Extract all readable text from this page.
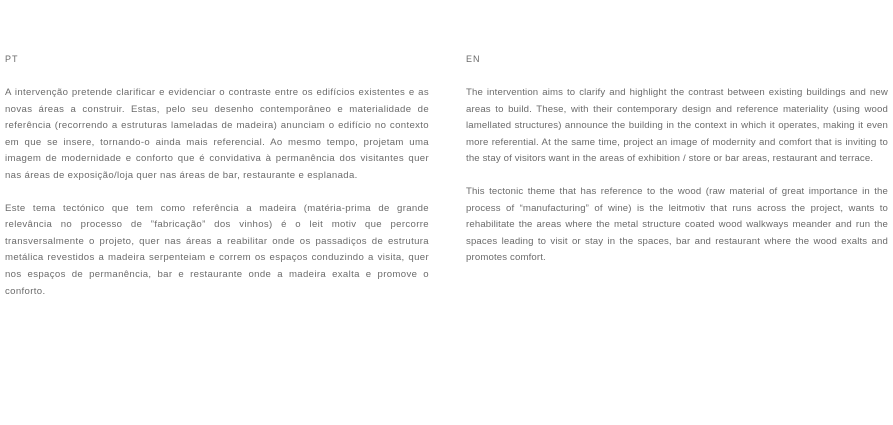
PT

A intervenção pretende clarificar e evidenciar o contraste entre os edifícios existentes e as novas áreas a construir. Estas, pelo seu desenho contemporâneo e materialidade de referência (recorrendo a estruturas lameladas de madeira) anunciam o edifício no contexto em que se insere, tornando-o ainda mais referencial. Ao mesmo tempo, projetam uma imagem de modernidade e conforto que é convidativa à permanência dos visitantes quer nas áreas de exposição/loja quer nas áreas de bar, restaurante e esplanada.

Este tema tectónico que tem como referência a madeira (matéria-prima de grande relevância no processo de ”fabricação” dos vinhos) é o leit motiv que percorre transversalmente o projeto, quer nas áreas a reabilitar onde os passadiços de estrutura metálica revestidos a madeira serpenteiam e correm os espaços conduzindo a visita, quer nos espaços de permanência, bar e restaurante onde a madeira exalta e promove o conforto.

EN

The intervention aims to clarify and highlight the contrast between existing buildings and new areas to build. These, with their contemporary design and reference materiality (using wood lamellated structures) announce the building in the context in which it operates, making it even more referential. At the same time, project an image of modernity and comfort that is inviting to the stay of visitors want in the areas of exhibition / store or bar areas, restaurant and terrace.

This tectonic theme that has reference to the wood (raw material of great importance in the process of “manufacturing” of wine) is the leitmotiv that runs across the project, wants to rehabilitate the areas where the metal structure coated wood walkways meander and run the spaces leading to visit or stay in the spaces, bar and restaurant where the wood exalts and promotes comfort.
